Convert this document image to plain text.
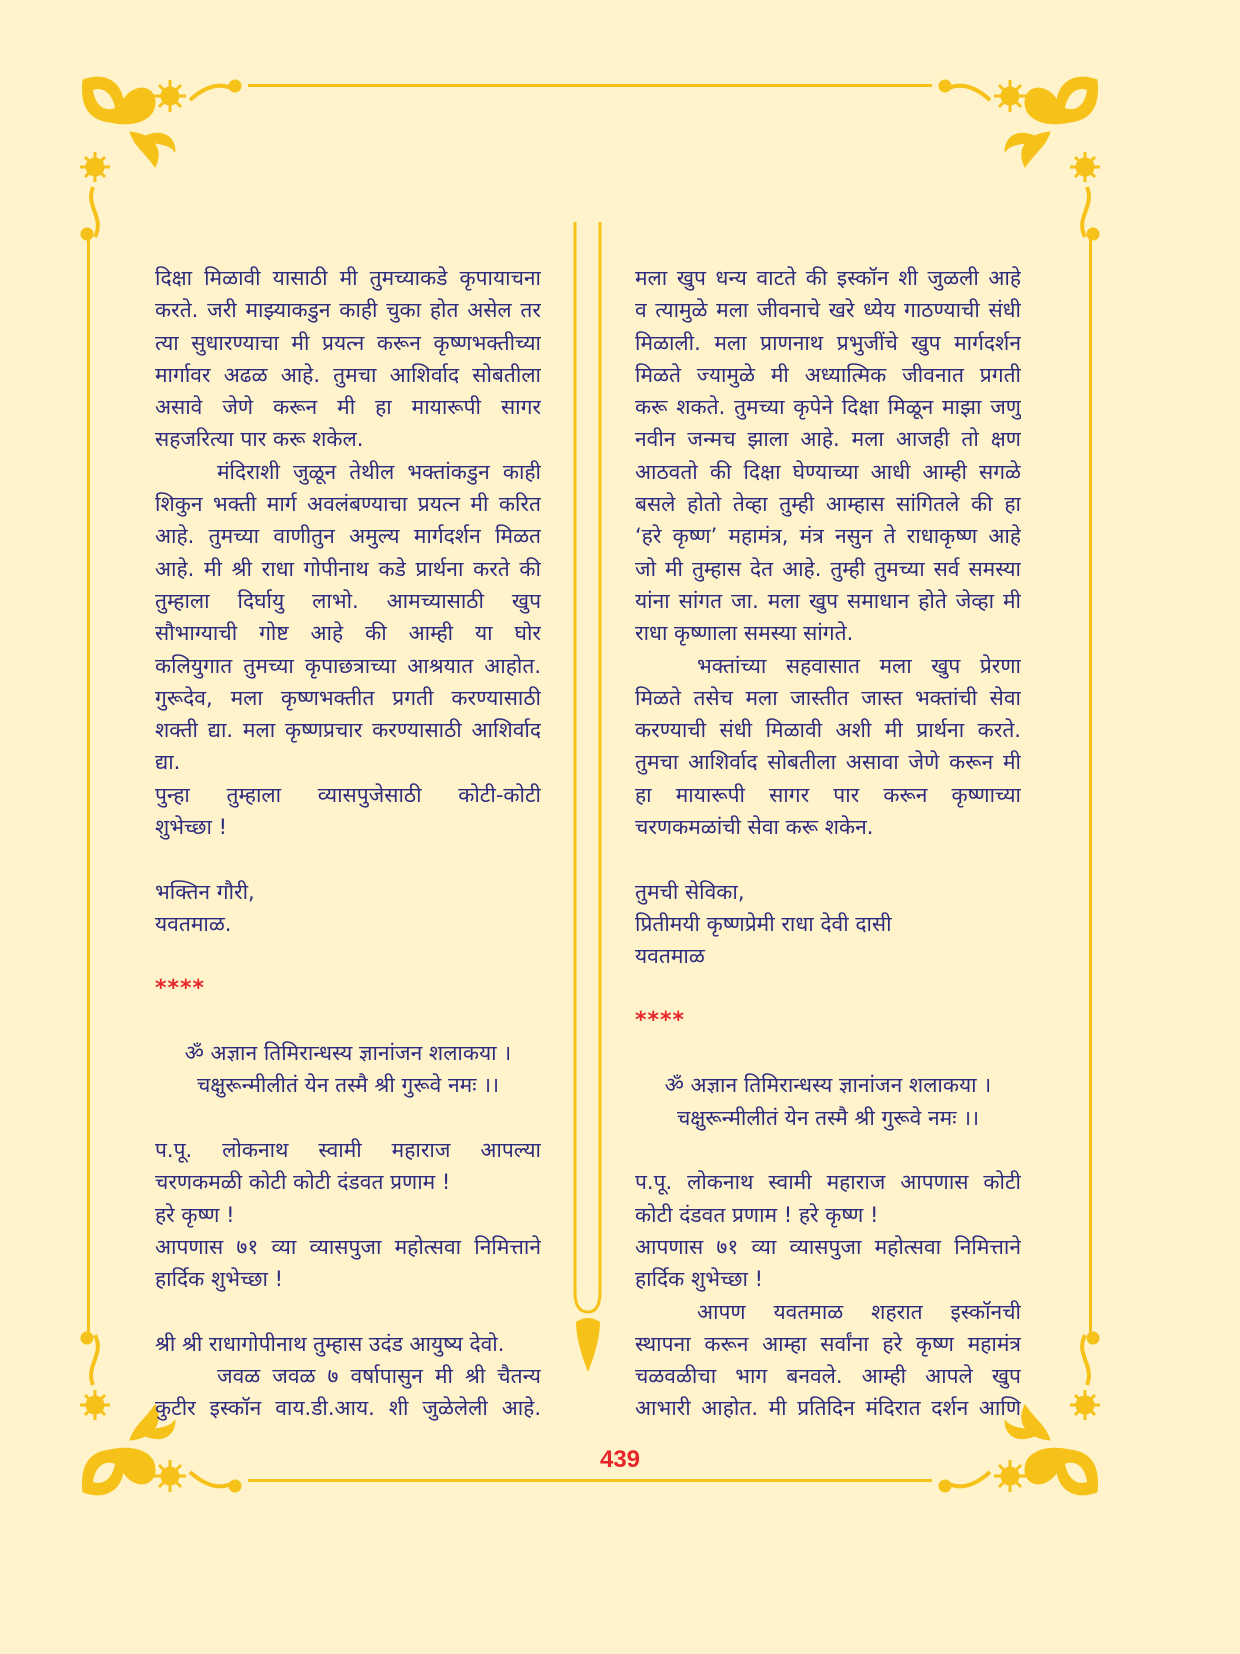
दिक्षा मिळावी यासाठी मी तुमच्याकडे कृपायाचना
करते. जरी माझ्याकडुन काही चुका होत असेल तर
त्या सुधारण्याचा मी प्रयत्न करून कृष्णभक्तीच्या
मार्गावर अढळ आहे. तुमचा आशिर्वाद सोबतीला
असावे जेणे करून मी हा मायारूपी सागर
सहजरित्या पार करू शकेल.
मंदिराशी जुळून तेथील भक्तांकडुन काही
शिकुन भक्ती मार्ग अवलंबण्याचा प्रयत्न मी करित
आहे. तुमच्या वाणीतुन अमुल्य मार्गदर्शन मिळत
आहे. मी श्री राधा गोपीनाथ कडे प्रार्थना करते की
तुम्हाला दिर्घायु लाभो. आमच्यासाठी खुप
सौभाग्याची गोष्ट आहे की आम्ही या घोर
कलियुगात तुमच्या कृपाछत्राच्या आश्रयात आहोत.
गुरूदेव, मला कृष्णभक्तीत प्रगती करण्यासाठी
शक्ती द्या. मला कृष्णप्रचार करण्यासाठी आशिर्वाद
द्या.
पुन्हा तुम्हाला व्यासपुजेसाठी कोटी-कोटी
शुभेच्छा !
भक्तिन गौरी,
यवतमाळ.
****
ॐ अज्ञान तिमिरान्धस्य ज्ञानांजन शलाकया ।
चक्षुरून्मीलीतं येन तस्मै श्री गुरूवे नमः ।।
प.पू. लोकनाथ स्वामी महाराज आपल्या
चरणकमळी कोटी कोटी दंडवत प्रणाम !
हरे कृष्ण !
आपणास ७१ व्या व्यासपुजा महोत्सवा निमित्ताने
हार्दिक शुभेच्छा !
श्री श्री राधागोपीनाथ तुम्हास उदंड आयुष्य देवो.
जवळ जवळ ७ वर्षापासुन मी श्री चैतन्य
कुटीर इस्कॉन वाय.डी.आय. शी जुळेलेली आहे.
मला खुप धन्य वाटते की इस्कॉन शी जुळली आहे
व त्यामुळे मला जीवनाचे खरे ध्येय गाठण्याची संधी
मिळाली. मला प्राणनाथ प्रभुजींचे खुप मार्गदर्शन
मिळते ज्यामुळे मी अध्यात्मिक जीवनात प्रगती
करू शकते. तुमच्या कृपेने दिक्षा मिळून माझा जणु
नवीन जन्मच झाला आहे. मला आजही तो क्षण
आठवतो की दिक्षा घेण्याच्या आधी आम्ही सगळे
बसले होतो तेव्हा तुम्ही आम्हास सांगितले की हा
‘हरे कृष्ण’ महामंत्र, मंत्र नसुन ते राधाकृष्ण आहे
जो मी तुम्हास देत आहे. तुम्ही तुमच्या सर्व समस्या
यांना सांगत जा. मला खुप समाधान होते जेव्हा मी
राधा कृष्णाला समस्या सांगते.
भक्तांच्या सहवासात मला खुप प्रेरणा
मिळते तसेच मला जास्तीत जास्त भक्तांची सेवा
करण्याची संधी मिळावी अशी मी प्रार्थना करते.
तुमचा आशिर्वाद सोबतीला असावा जेणे करून मी
हा मायारूपी सागर पार करून कृष्णाच्या
चरणकमळांची सेवा करू शकेन.
तुमची सेविका,
प्रितीमयी कृष्णप्रेमी राधा देवी दासी
यवतमाळ
****
ॐ अज्ञान तिमिरान्धस्य ज्ञानांजन शलाकया ।
चक्षुरून्मीलीतं येन तस्मै श्री गुरूवे नमः ।।
प.पू. लोकनाथ स्वामी महाराज आपणास कोटी
कोटी दंडवत प्रणाम ! हरे कृष्ण !
आपणास ७१ व्या व्यासपुजा महोत्सवा निमित्ताने
हार्दिक शुभेच्छा !
आपण यवतमाळ शहरात इस्कॉनची
स्थापना करून आम्हा सर्वांना हरे कृष्ण महामंत्र
चळवळीचा भाग बनवले. आम्ही आपले खुप
आभारी आहोत. मी प्रतिदिन मंदिरात दर्शन आणि
439
